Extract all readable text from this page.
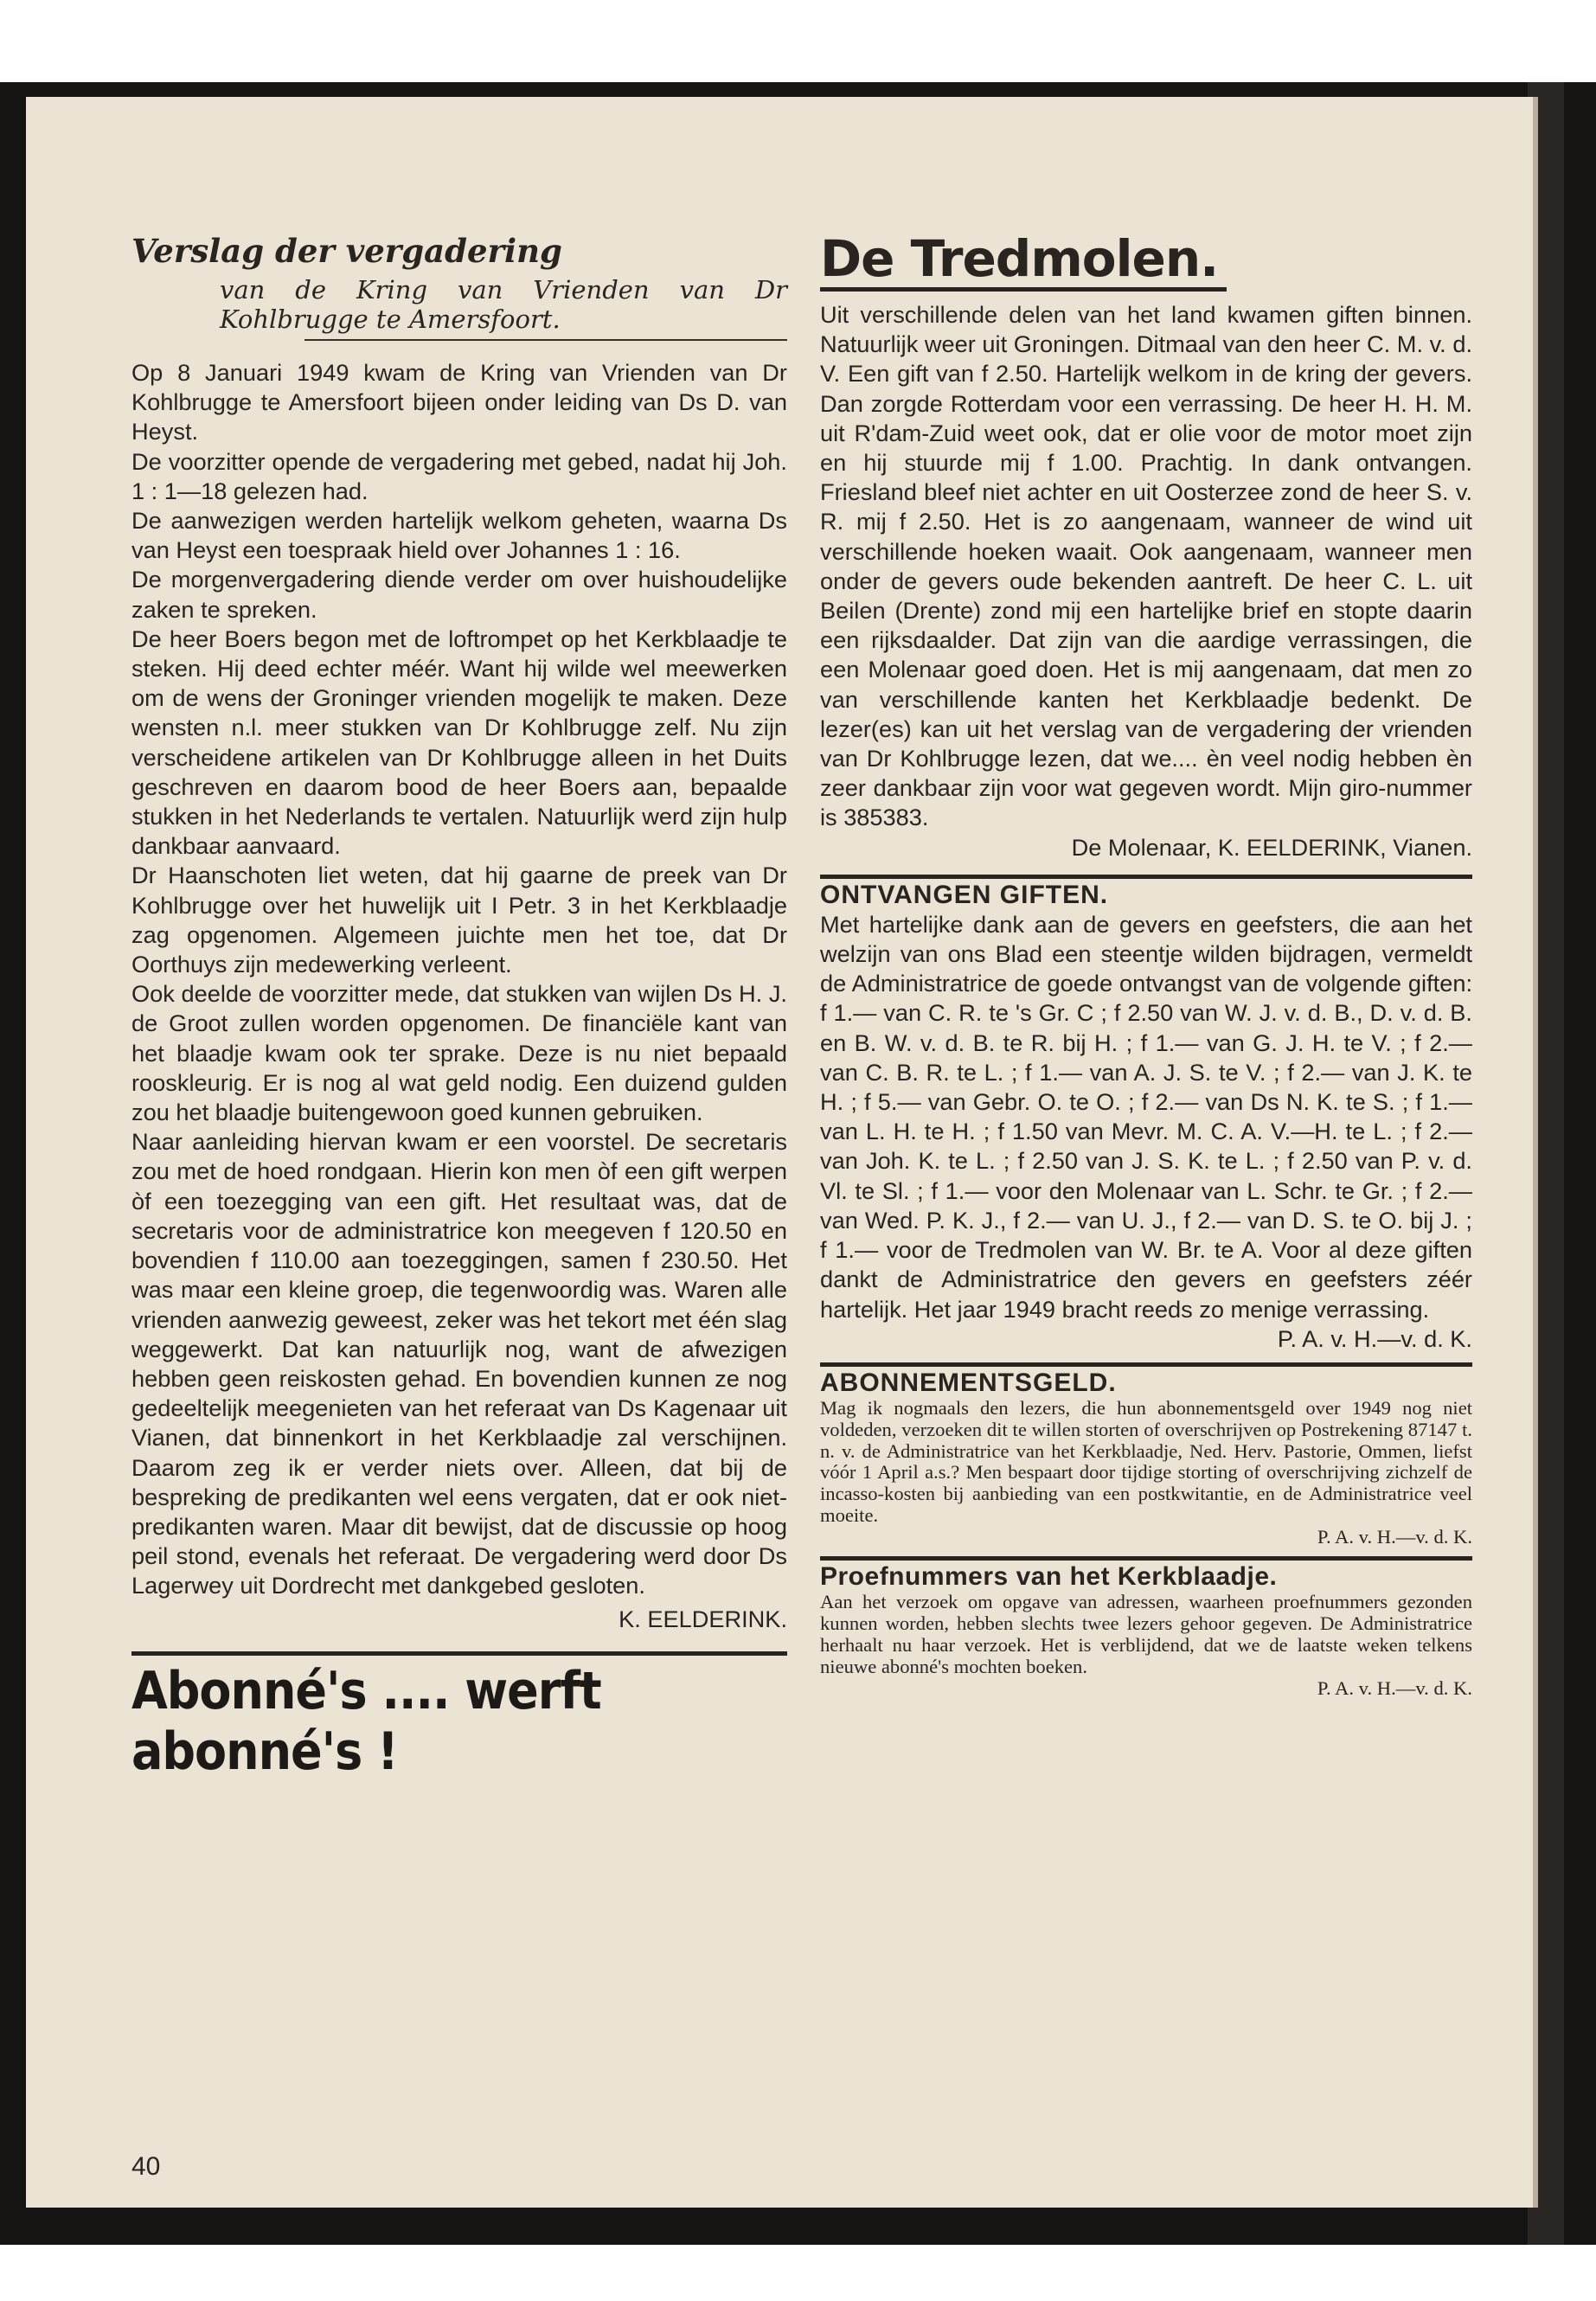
Verslag der vergadering

van de Kring van Vrienden van Dr Kohlbrugge te Amersfoort.

Op 8 Januari 1949 kwam de Kring van Vrienden van Dr Kohlbrugge te Amersfoort bijeen onder leiding van Ds D. van Heyst.

De voorzitter opende de vergadering met gebed, nadat hij Joh. 1 : 1—18 gelezen had.

De aanwezigen werden hartelijk welkom geheten, waarna Ds van Heyst een toespraak hield over Johannes 1 : 16.

De morgenvergadering diende verder om over huishoudelijke zaken te spreken.

De heer Boers begon met de loftrompet op het Kerkblaadje te steken. Hij deed echter méér. Want hij wilde wel meewerken om de wens der Groninger vrienden mogelijk te maken. Deze wensten n.l. meer stukken van Dr Kohlbrugge zelf. Nu zijn verscheidene artikelen van Dr Kohlbrugge alleen in het Duits geschreven en daarom bood de heer Boers aan, bepaalde stukken in het Nederlands te vertalen. Natuurlijk werd zijn hulp dankbaar aanvaard.

Dr Haanschoten liet weten, dat hij gaarne de preek van Dr Kohlbrugge over het huwelijk uit I Petr. 3 in het Kerkblaadje zag opgenomen. Algemeen juichte men het toe, dat Dr Oorthuys zijn medewerking verleent.

Ook deelde de voorzitter mede, dat stukken van wijlen Ds H. J. de Groot zullen worden opgenomen. De financiële kant van het blaadje kwam ook ter sprake. Deze is nu niet bepaald rooskleurig. Er is nog al wat geld nodig. Een duizend gulden zou het blaadje buitengewoon goed kunnen gebruiken.

Naar aanleiding hiervan kwam er een voorstel. De secretaris zou met de hoed rondgaan. Hierin kon men òf een gift werpen òf een toezegging van een gift. Het resultaat was, dat de secretaris voor de administratrice kon meegeven f 120.50 en bovendien f 110.00 aan toezeggingen, samen f 230.50. Het was maar een kleine groep, die tegenwoordig was. Waren alle vrienden aanwezig geweest, zeker was het tekort met één slag weggewerkt. Dat kan natuurlijk nog, want de afwezigen hebben geen reiskosten gehad. En bovendien kunnen ze nog gedeeltelijk meegenieten van het referaat van Ds Kagenaar uit Vianen, dat binnenkort in het Kerkblaadje zal verschijnen. Daarom zeg ik er verder niets over. Alleen, dat bij de bespreking de predikanten wel eens vergaten, dat er ook niet-predikanten waren. Maar dit bewijst, dat de discussie op hoog peil stond, evenals het referaat. De vergadering werd door Ds Lagerwey uit Dordrecht met dankgebed gesloten.

K. EELDERINK.

Abonné's .... werft abonné's !
De Tredmolen.

Uit verschillende delen van het land kwamen giften binnen. Natuurlijk weer uit Groningen. Ditmaal van den heer C. M. v. d. V. Een gift van f 2.50. Hartelijk welkom in de kring der gevers. Dan zorgde Rotterdam voor een verrassing. De heer H. H. M. uit R'dam-Zuid weet ook, dat er olie voor de motor moet zijn en hij stuurde mij f 1.00. Prachtig. In dank ontvangen. Friesland bleef niet achter en uit Oosterzee zond de heer S. v. R. mij f 2.50. Het is zo aangenaam, wanneer de wind uit verschillende hoeken waait. Ook aangenaam, wanneer men onder de gevers oude bekenden aantreft. De heer C. L. uit Beilen (Drente) zond mij een hartelijke brief en stopte daarin een rijksdaalder. Dat zijn van die aardige verrassingen, die een Molenaar goed doen. Het is mij aangenaam, dat men zo van verschillende kanten het Kerkblaadje bedenkt. De lezer(es) kan uit het verslag van de vergadering der vrienden van Dr Kohlbrugge lezen, dat we.... èn veel nodig hebben èn zeer dankbaar zijn voor wat gegeven wordt. Mijn giro-nummer is 385383.

De Molenaar, K. EELDERINK, Vianen.

ONTVANGEN GIFTEN.

Met hartelijke dank aan de gevers en geefsters, die aan het welzijn van ons Blad een steentje wilden bijdragen, vermeldt de Administratrice de goede ontvangst van de volgende giften: f 1.— van C. R. te 's Gr. C ; f 2.50 van W. J. v. d. B., D. v. d. B. en B. W. v. d. B. te R. bij H. ; f 1.— van G. J. H. te V. ; f 2.— van C. B. R. te L. ; f 1.— van A. J. S. te V. ; f 2.— van J. K. te H. ; f 5.— van Gebr. O. te O. ; f 2.— van Ds N. K. te S. ; f 1.— van L. H. te H. ; f 1.50 van Mevr. M. C. A. V.—H. te L. ; f 2.— van Joh. K. te L. ; f 2.50 van J. S. K. te L. ; f 2.50 van P. v. d. Vl. te Sl. ; f 1.— voor den Molenaar van L. Schr. te Gr. ; f 2.— van Wed. P. K. J., f 2.— van U. J., f 2.— van D. S. te O. bij J. ; f 1.— voor de Tredmolen van W. Br. te A. Voor al deze giften dankt de Administratrice den gevers en geefsters zéér hartelijk. Het jaar 1949 bracht reeds zo menige verrassing.

P. A. v. H.—v. d. K.

ABONNEMENTSGELD.

Mag ik nogmaals den lezers, die hun abonnementsgeld over 1949 nog niet voldeden, verzoeken dit te willen storten of overschrijven op Postrekening 87147 t. n. v. de Administratrice van het Kerkblaadje, Ned. Herv. Pastorie, Ommen, liefst vóór 1 April a.s.? Men bespaart door tijdige storting of overschrijving zichzelf de incasso-kosten bij aanbieding van een postkwitantie, en de Administratrice veel moeite.

P. A. v. H.—v. d. K.

Proefnummers van het Kerkblaadje.

Aan het verzoek om opgave van adressen, waarheen proefnummers gezonden kunnen worden, hebben slechts twee lezers gehoor gegeven. De Administratrice herhaalt nu haar verzoek. Het is verblijdend, dat we de laatste weken telkens nieuwe abonné's mochten boeken.

P. A. v. H.—v. d. K.

40
